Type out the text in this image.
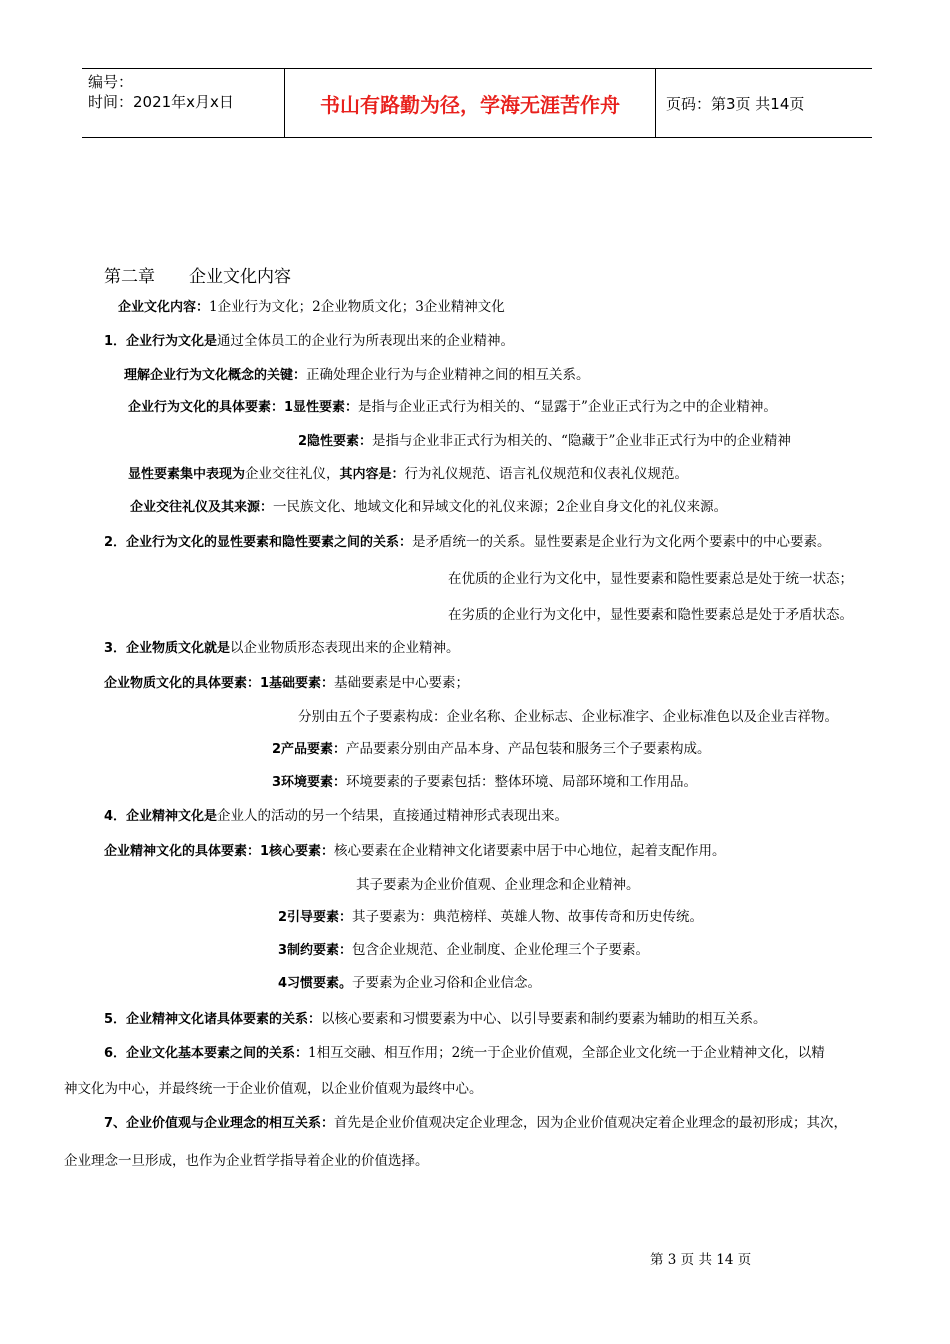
编号：
时间：2021年x月x日	书山有路勤为径，学海无涯苦作舟	页码：第3页 共14页
第二章 企业文化内容
企业文化内容：1企业行为文化；2企业物质文化；3企业精神文化
1．企业行为文化是通过全体员工的企业行为所表现出来的企业精神。
理解企业行为文化概念的关键：正确处理企业行为与企业精神之间的相互关系。
企业行为文化的具体要素：1显性要素：是指与企业正式行为相关的、“显露于”企业正式行为之中的企业精神。
2隐性要素：是指与企业非正式行为相关的、“隐藏于”企业非正式行为中的企业精神
显性要素集中表现为企业交往礼仪，其内容是：行为礼仪规范、语言礼仪规范和仪表礼仪规范。
企业交往礼仪及其来源：一民族文化、地域文化和异域文化的礼仪来源；2企业自身文化的礼仪来源。
2．企业行为文化的显性要素和隐性要素之间的关系：是矛盾统一的关系。显性要素是企业行为文化两个要素中的中心要素。
在优质的企业行为文化中，显性要素和隐性要素总是处于统一状态；
在劣质的企业行为文化中，显性要素和隐性要素总是处于矛盾状态。
3．企业物质文化就是以企业物质形态表现出来的企业精神。
企业物质文化的具体要素：1基础要素：基础要素是中心要素；
分别由五个子要素构成：企业名称、企业标志、企业标准字、企业标准色以及企业吉祥物。
2产品要素：产品要素分别由产品本身、产品包装和服务三个子要素构成。
3环境要素：环境要素的子要素包括：整体环境、局部环境和工作用品。
4．企业精神文化是企业人的活动的另一个结果，直接通过精神形式表现出来。
企业精神文化的具体要素：1核心要素：核心要素在企业精神文化诸要素中居于中心地位，起着支配作用。
其子要素为企业价值观、企业理念和企业精神。
2引导要素：其子要素为：典范榜样、英雄人物、故事传奇和历史传统。
3制约要素：包含企业规范、企业制度、企业伦理三个子要素。
4习惯要素。子要素为企业习俗和企业信念。
5．企业精神文化诸具体要素的关系：以核心要素和习惯要素为中心、以引导要素和制约要素为辅助的相互关系。
6．企业文化基本要素之间的关系：1相互交融、相互作用；2统一于企业价值观，全部企业文化统一于企业精神文化，以精
神文化为中心，并最终统一于企业价值观，以企业价值观为最终中心。
7、企业价值观与企业理念的相互关系：首先是企业价值观决定企业理念，因为企业价值观决定着企业理念的最初形成；其次，
企业理念一旦形成，也作为企业哲学指导着企业的价值选择。
第 3 页 共 14 页
